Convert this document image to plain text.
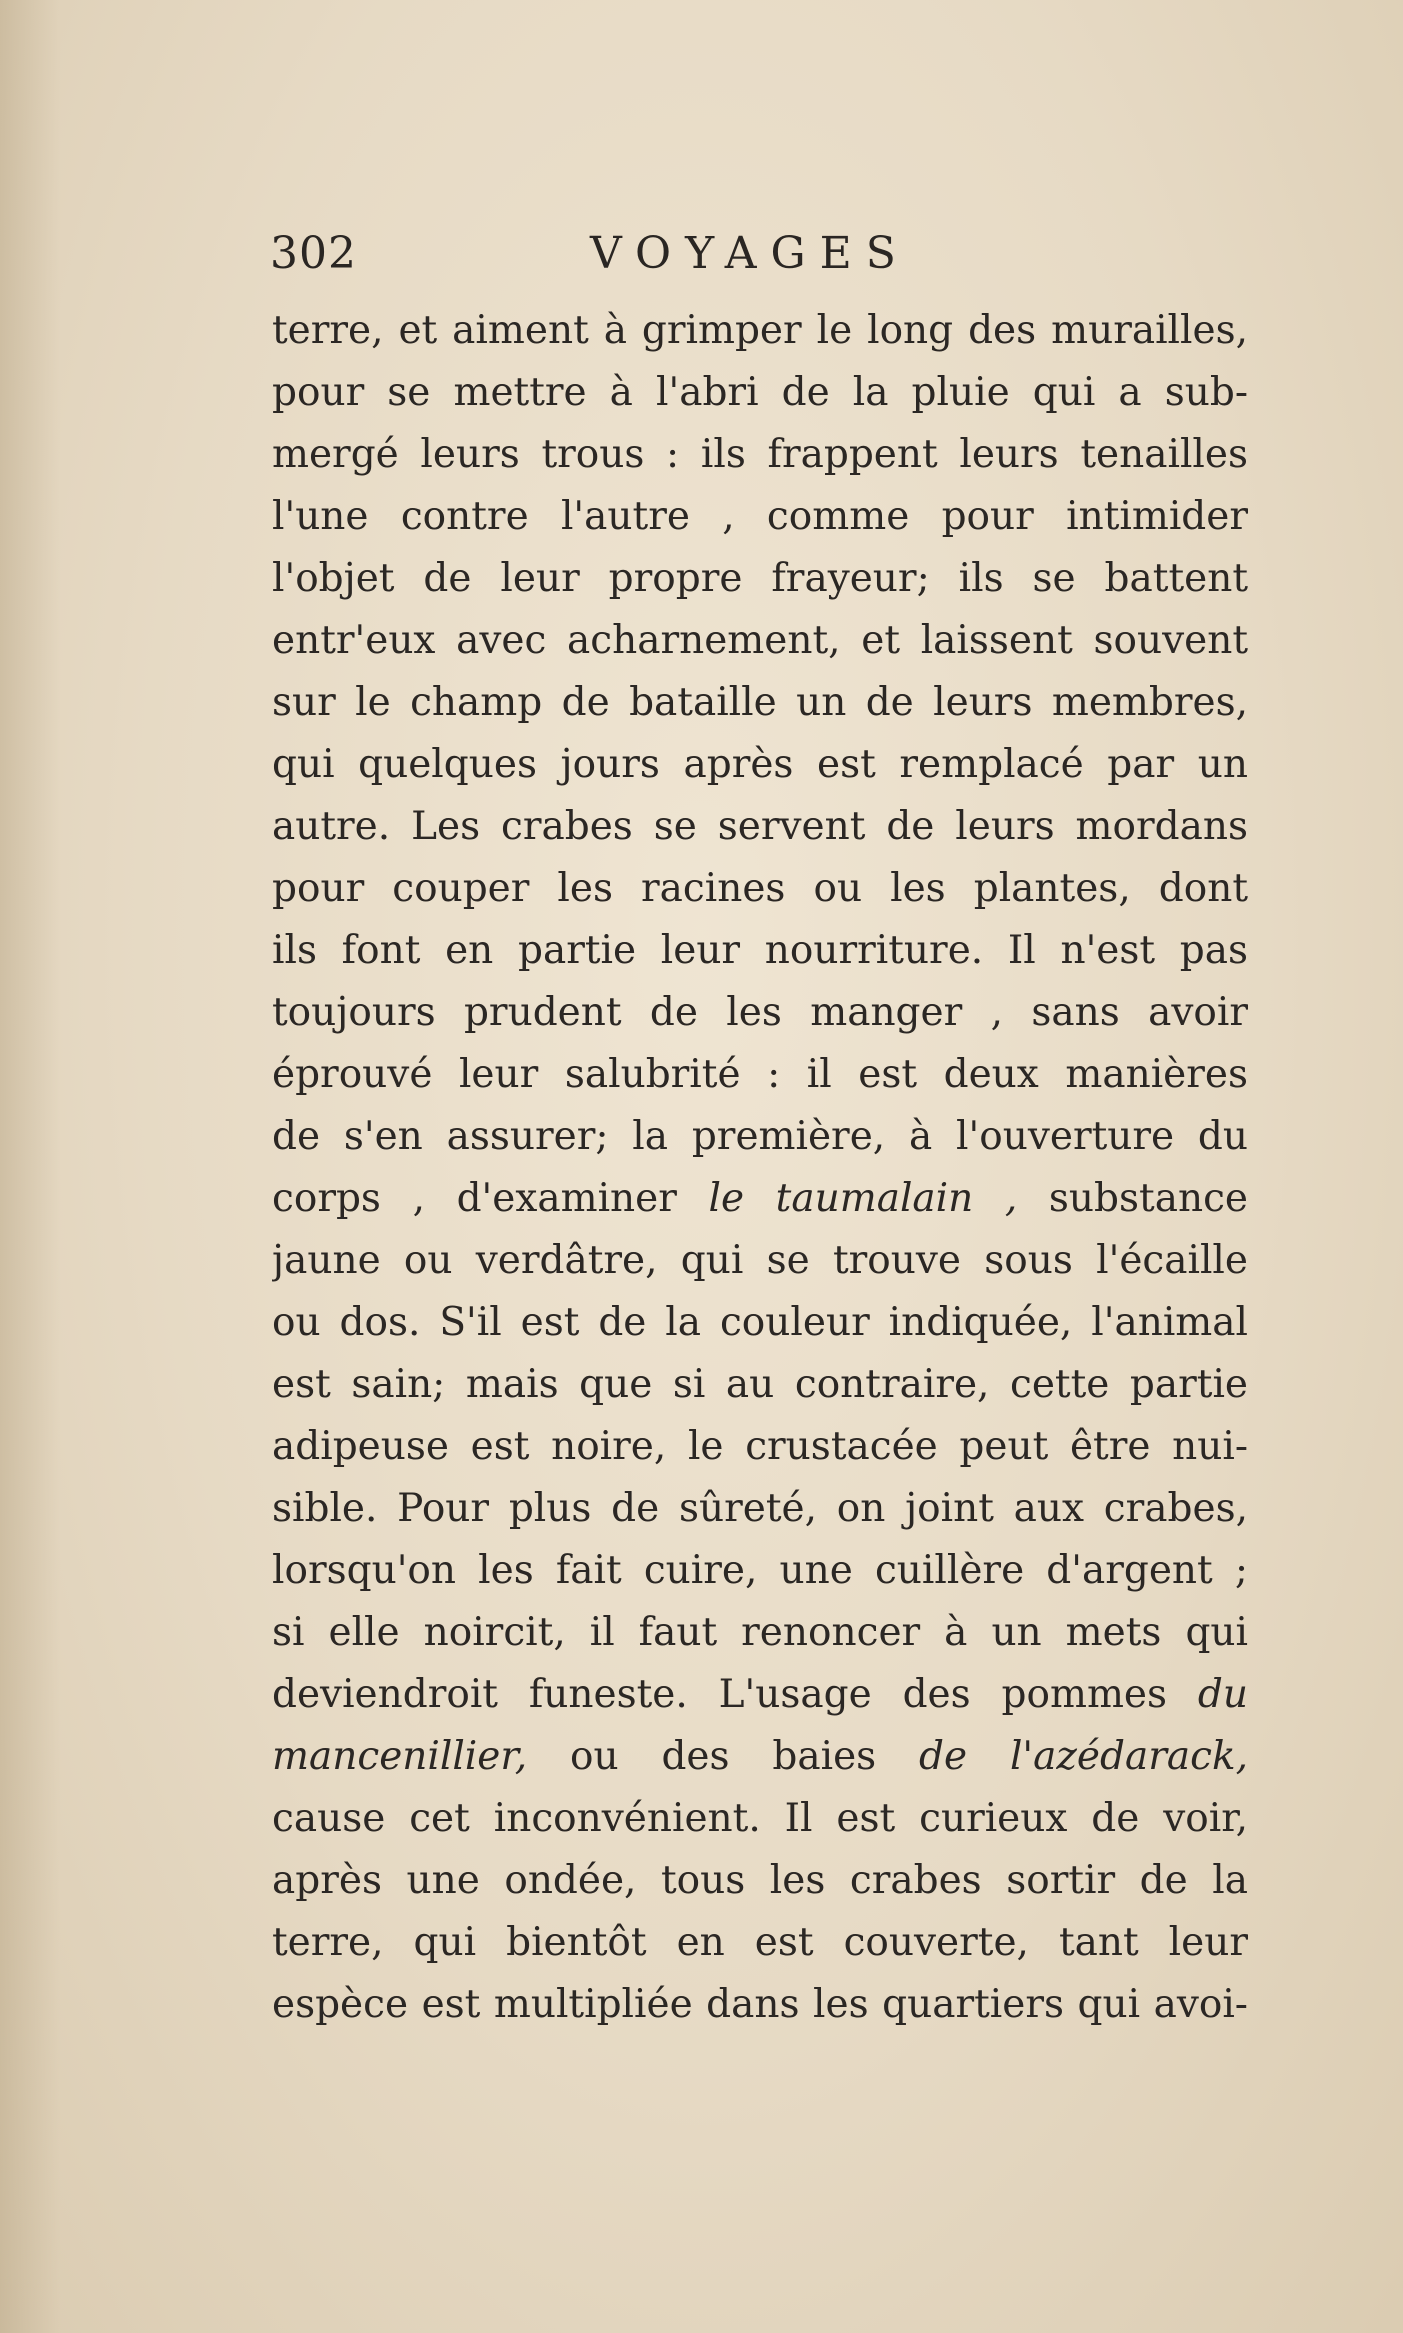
302	VOYAGES
terre, et aiment à grimper le long des murailles,
pour se mettre à l'abri de la pluie qui a sub-
mergé leurs trous : ils frappent leurs tenailles
l'une contre l'autre , comme pour intimider
l'objet de leur propre frayeur; ils se battent
entr'eux avec acharnement, et laissent souvent
sur le champ de bataille un de leurs membres,
qui quelques jours après est remplacé par un
autre. Les crabes se servent de leurs mordans
pour couper les racines ou les plantes, dont
ils font en partie leur nourriture. Il n'est pas
toujours prudent de les manger , sans avoir
éprouvé leur salubrité : il est deux manières
de s'en assurer; la première, à l'ouverture du
corps , d'examiner le taumalain , substance
jaune ou verdâtre, qui se trouve sous l'écaille
ou dos. S'il est de la couleur indiquée, l'animal
est sain; mais que si au contraire, cette partie
adipeuse est noire, le crustacée peut être nui-
sible. Pour plus de sûreté, on joint aux crabes,
lorsqu'on les fait cuire, une cuillère d'argent ;
si elle noircit, il faut renoncer à un mets qui
deviendroit funeste. L'usage des pommes du
mancenillier, ou des baies de l'azédarack,
cause cet inconvénient. Il est curieux de voir,
après une ondée, tous les crabes sortir de la
terre, qui bientôt en est couverte, tant leur
espèce est multipliée dans les quartiers qui avoi-
